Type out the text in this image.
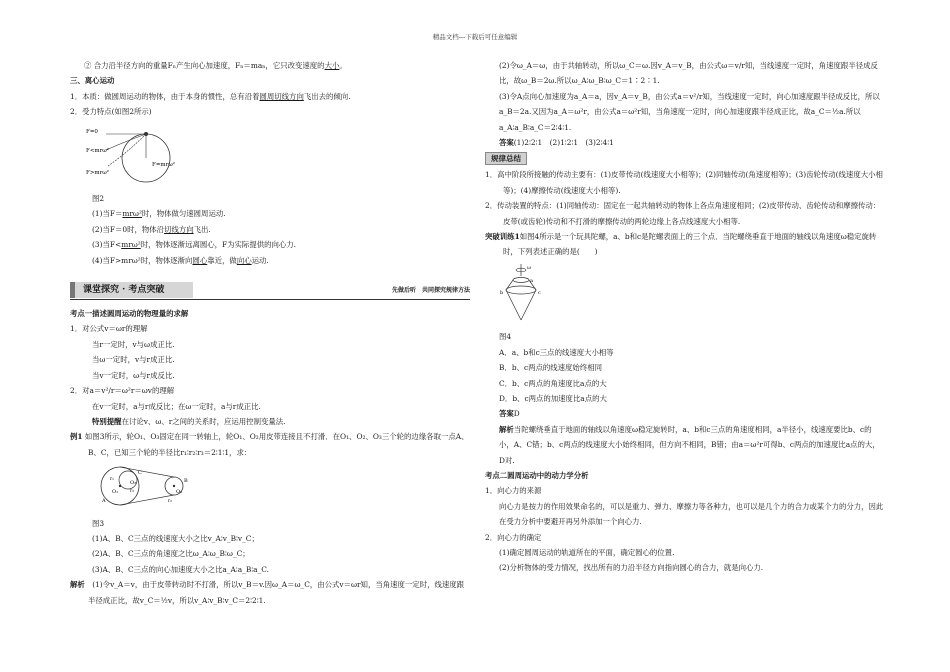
精品文档---下载后可任意编辑

② 合力沿半径方向的重量Fₙ产生向心加速度，Fₙ＝maₙ，它只改变速度的大小。

三、离心运动

1．本质：做圆周运动的物体，由于本身的惯性，总有沿着圆周切线方向飞出去的倾向.

2．受力特点(如图2所示)

F=0
F<mrω²
F=mrω²
F>mrω²

图2

(1)当F＝mrω²时，物体做匀速圆周运动.

(2)当F＝0时，物体沿切线方向飞出.

(3)当F<mrω²时，物体逐渐远离圆心，F为实际提供的向心力.

(4)当F>mrω²时，物体逐渐向圆心靠近，做向心运动.

课堂探究 · 考点突破	先做后听　共同探究规律方法

考点一描述圆周运动的物理量的求解

1．对公式v＝ωr的理解

当r一定时，v与ω成正比.

当ω一定时，v与r成正比.

当v一定时，ω与r成反比.

2．对a＝v²/r＝ω²r＝ωv的理解

在v一定时，a与r成反比；在ω一定时，a与r成正比.

特别提醒在讨论v、ω、r之间的关系时，应运用控制变量法.

例1 如图3所示，轮O₁、O₃固定在同一转轴上，轮O₁、O₂用皮带连接且不打滑．在O₁、O₂、O₃三个轮的边缘各取一点A、B、C，已知三个轮的半径比r₁∶r₂∶r₃＝2∶1∶1，求：

O₁
O₃
O₂
A
B
C
r₁
r₂
r₃

图3

(1)A、B、C三点的线速度大小之比v_A∶v_B∶v_C；

(2)A、B、C三点的角速度之比ω_A∶ω_B∶ω_C；

(3)A、B、C三点的向心加速度大小之比a_A∶a_B∶a_C.

解析　 (1)令v_A＝v，由于皮带转动时不打滑，所以v_B＝v.因ω_A＝ω_C，由公式v＝ωr知，当角速度一定时，线速度跟半径成正比，故v_C＝½v，所以v_A∶v_B∶v_C＝2∶2∶1.

(2)令ω_A＝ω，由于共轴转动，所以ω_C＝ω.因v_A＝v_B，由公式ω＝v/r知，当线速度一定时，角速度跟半径成反比，故ω_B＝2ω.所以ω_A∶ω_B∶ω_C＝1∶2∶1.

(3)令A点向心加速度为a_A＝a，因v_A＝v_B，由公式a＝v²/r知，当线速度一定时，向心加速度跟半径成反比，所以a_B＝2a.又因为a_A＝ω²r，由公式a＝ω²r知，当角速度一定时，向心加速度跟半径成正比，故a_C＝½a.所以a_A∶a_B∶a_C＝2∶4∶1.

答案(1)2∶2∶1　(2)1∶2∶1　(3)2∶4∶1

规律总结

1．高中阶段所接触的传动主要有：(1)皮带传动(线速度大小相等)；(2)同轴传动(角速度相等)；(3)齿轮传动(线速度大小相等)；(4)摩擦传动(线速度大小相等).

2．传动装置的特点：(1)同轴传动：固定在一起共轴转动的物体上各点角速度相同；(2)皮带传动、齿轮传动和摩擦传动：皮带(或齿轮)传动和不打滑的摩擦传动的两轮边缘上各点线速度大小相等.

突破训练1如图4所示是一个玩具陀螺，a、b和c是陀螺表面上的三个点．当陀螺绕垂直于地面的轴线以角速度ω稳定旋转时，下列表述正确的是(　　)

ω
a
b	c

图4

A．a、b和c三点的线速度大小相等

B．b、c两点的线速度始终相同

C．b、c两点的角速度比a点的大

D．b、c两点的加速度比a点的大

答案D

解析当陀螺绕垂直于地面的轴线以角速度ω稳定旋转时，a、b和c三点的角速度相同，a半径小，线速度要比b、c的小，A、C错；b、c两点的线速度大小始终相同，但方向不相同，B错；由a＝ω²r可得b、c两点的加速度比a点的大，D对.

考点二圆周运动中的动力学分析

1．向心力的来源

向心力是按力的作用效果命名的，可以是重力、弹力、摩擦力等各种力，也可以是几个力的合力或某个力的分力，因此在受力分析中要避开再另外添加一个向心力.

2．向心力的确定

(1)确定圆周运动的轨道所在的平面，确定圆心的位置.

(2)分析物体的受力情况，找出所有的力沿半径方向指向圆心的合力，就是向心力.
